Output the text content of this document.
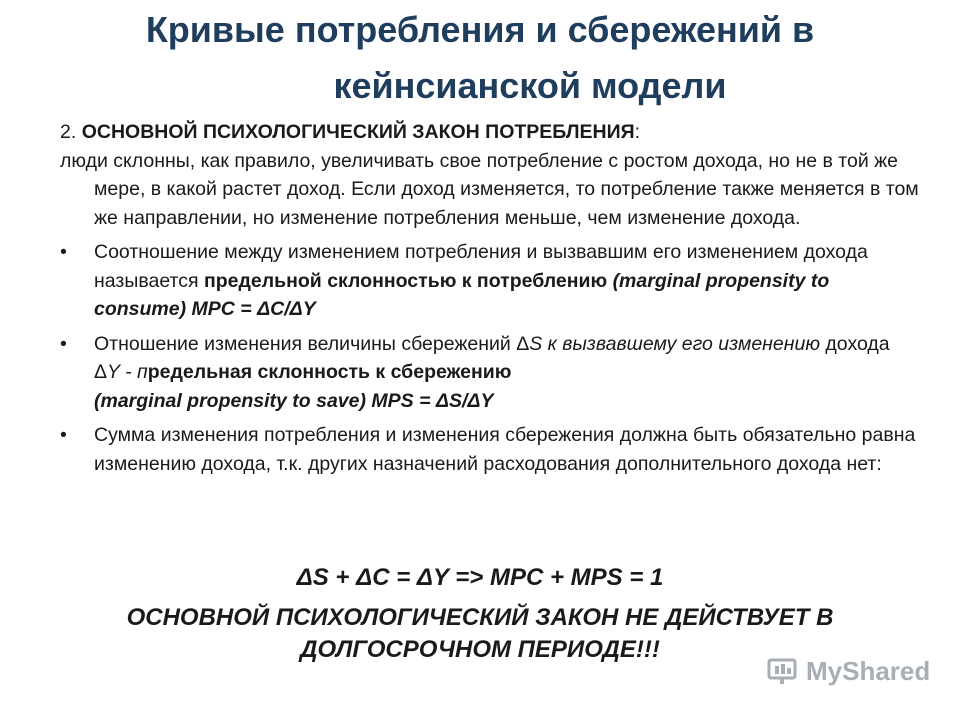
Кривые потребления и сбережений в
кейнсианской модели

2. ОСНОВНОЙ ПСИХОЛОГИЧЕСКИЙ ЗАКОН ПОТРЕБЛЕНИЯ:

люди склонны, как правило, увеличивать свое потребление с ростом дохода, но не в той же мере, в какой растет доход. Если доход изменяется, то потребление также меняется в том же направлении, но изменение потребления меньше, чем изменение дохода.

• Соотношение между изменением потребления и вызвавшим его изменением дохода называется предельной склонностью к потреблению (marginal propensity to consume) MPC = ΔC/ΔY
• Отношение изменения величины сбережений ΔS к вызвавшему его изменению дохода ΔY - предельная склонность к сбережению
(marginal propensity to save) MPS = ΔS/ΔY
• Сумма изменения потребления и изменения сбережения должна быть обязательно равна изменению дохода, т.к. других назначений расходования дополнительного дохода нет:
ΔS + ΔC = ΔY => MPC + MPS = 1
ОСНОВНОЙ ПСИХОЛОГИЧЕСКИЙ ЗАКОН НЕ ДЕЙСТВУЕТ В
ДОЛГОСРОЧНОМ ПЕРИОДЕ!!!
MyShared
